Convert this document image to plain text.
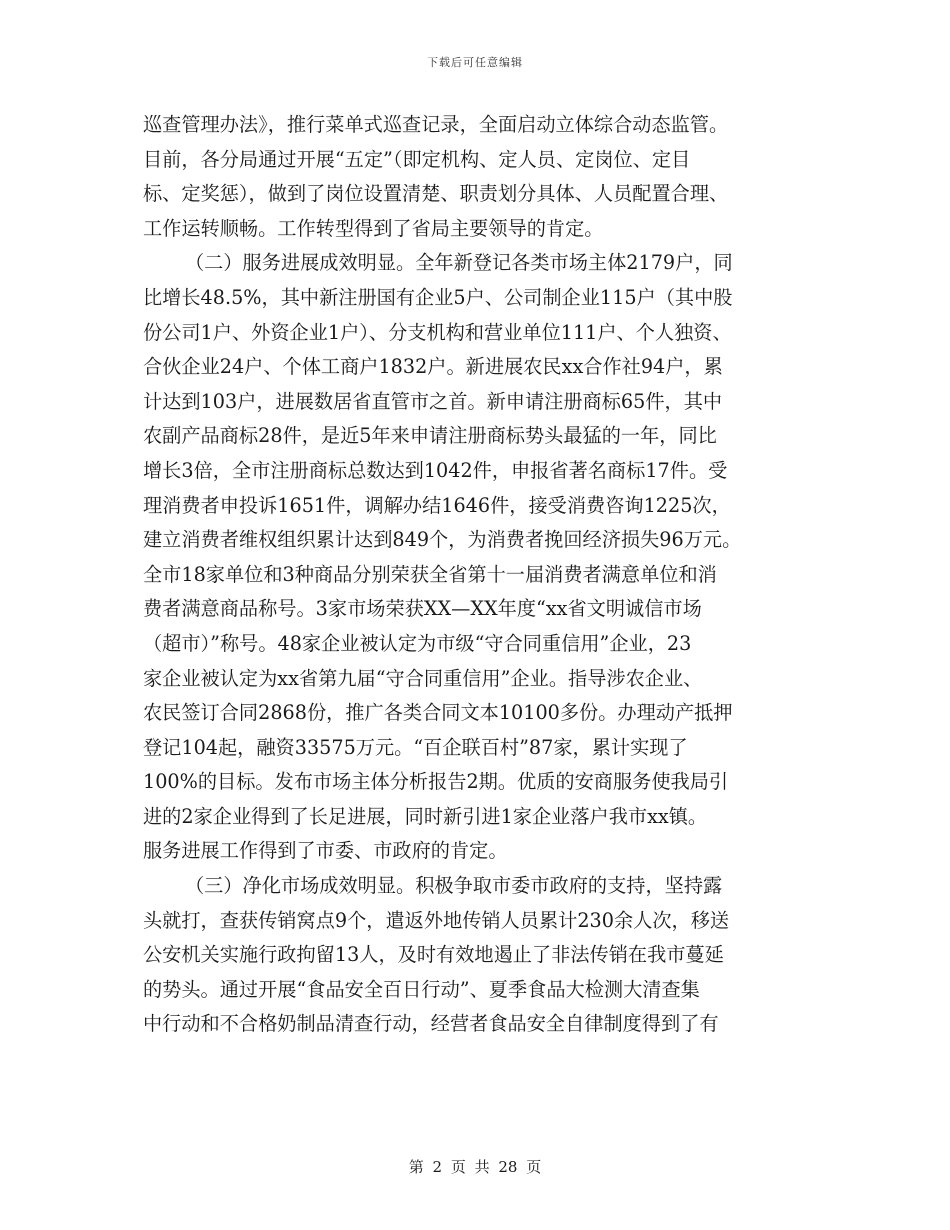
下载后可任意编辑
巡查管理办法》，推行菜单式巡查记录，全面启动立体综合动态监管。
目前，各分局通过开展“五定”（即定机构、定人员、定岗位、定目
标、定奖惩），做到了岗位设置清楚、职责划分具体、人员配置合理、
工作运转顺畅。工作转型得到了省局主要领导的肯定。
（二）服务进展成效明显。全年新登记各类市场主体2179户，同
比增长48.5%，其中新注册国有企业5户、公司制企业115户（其中股
份公司1户、外资企业1户）、分支机构和营业单位111户、个人独资、
合伙企业24户、个体工商户1832户。新进展农民xx合作社94户，累
计达到103户，进展数居省直管市之首。新申请注册商标65件，其中
农副产品商标28件，是近5年来申请注册商标势头最猛的一年，同比
增长3倍，全市注册商标总数达到1042件，申报省著名商标17件。受
理消费者申投诉1651件，调解办结1646件，接受消费咨询1225次，
建立消费者维权组织累计达到849个，为消费者挽回经济损失96万元。
全市18家单位和3种商品分别荣获全省第十一届消费者满意单位和消
费者满意商品称号。3家市场荣获XX—XX年度“xx省文明诚信市场
（超市）”称号。48家企业被认定为市级“守合同重信用”企业，23
家企业被认定为xx省第九届“守合同重信用”企业。指导涉农企业、
农民签订合同2868份，推广各类合同文本10100多份。办理动产抵押
登记104起，融资33575万元。“百企联百村”87家，累计实现了
100%的目标。发布市场主体分析报告2期。优质的安商服务使我局引
进的2家企业得到了长足进展，同时新引进1家企业落户我市xx镇。
服务进展工作得到了市委、市政府的肯定。
（三）净化市场成效明显。积极争取市委市政府的支持，坚持露
头就打，查获传销窝点9个，遣返外地传销人员累计230余人次，移送
公安机关实施行政拘留13人，及时有效地遏止了非法传销在我市蔓延
的势头。通过开展“食品安全百日行动”、夏季食品大检测大清查集
中行动和不合格奶制品清查行动，经营者食品安全自律制度得到了有
第 2 页 共 28 页
